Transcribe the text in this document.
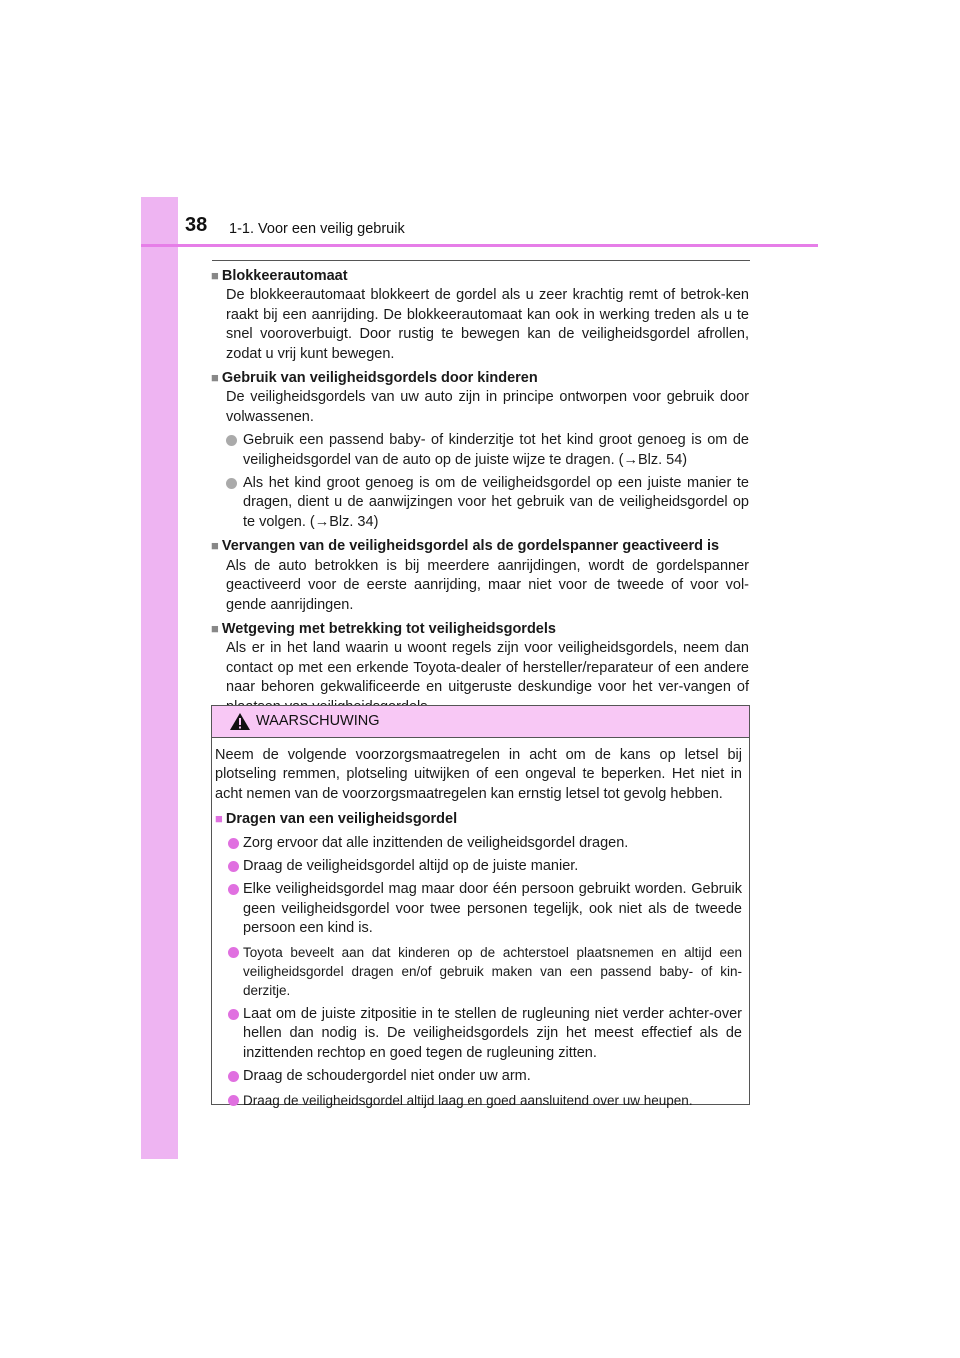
38 1-1. Voor een veilig gebruik
■ Blokkeerautomaat
De blokkeerautomaat blokkeert de gordel als u zeer krachtig remt of betrok-ken raakt bij een aanrijding. De blokkeerautomaat kan ook in werking treden als u te snel vooroverbuigt. Door rustig te bewegen kan de veiligheidsgordel afrollen, zodat u vrij kunt bewegen.
■ Gebruik van veiligheidsgordels door kinderen
De veiligheidsgordels van uw auto zijn in principe ontworpen voor gebruik door volwassenen.
Gebruik een passend baby- of kinderzitje tot het kind groot genoeg is om de veiligheidsgordel van de auto op de juiste wijze te dragen. (→Blz. 54)
Als het kind groot genoeg is om de veiligheidsgordel op een juiste manier te dragen, dient u de aanwijzingen voor het gebruik van de veiligheidsgordel op te volgen. (→Blz. 34)
■ Vervangen van de veiligheidsgordel als de gordelspanner geactiveerd is
Als de auto betrokken is bij meerdere aanrijdingen, wordt de gordelspanner geactiveerd voor de eerste aanrijding, maar niet voor de tweede of voor vol-gende aanrijdingen.
■ Wetgeving met betrekking tot veiligheidsgordels
Als er in het land waarin u woont regels zijn voor veiligheidsgordels, neem dan contact op met een erkende Toyota-dealer of hersteller/reparateur of een andere naar behoren gekwalificeerde en uitgeruste deskundige voor het ver-vangen of
WAARSCHUWING
Neem de volgende voorzorgsmaatregelen in acht om de kans op letsel bij plotseling remmen, plotseling uitwijken of een ongeval te beperken. Het niet in acht nemen van de voorzorgsmaatregelen kan ernstig letsel tot gevolg hebben.
■ Dragen van een veiligheidsgordel
Zorg ervoor dat alle inzittenden de veiligheidsgordel dragen.
Draag de veiligheidsgordel altijd op de juiste manier.
Elke veiligheidsgordel mag maar door één persoon gebruikt worden. Gebruik geen veiligheidsgordel voor twee personen tegelijk, ook niet als de tweede persoon een kind is.
Toyota beveelt aan dat kinderen op de achterstoel plaatsnemen en altijd een veiligheidsgordel dragen en/of gebruik maken van een passend baby- of kin-derzitje.
Laat om de juiste zitpositie in te stellen de rugleuning niet verder achter-over hellen dan nodig is. De veiligheidsgordels zijn het meest effectief als de inzittenden rechtop en goed tegen de rugleuning zitten.
Draag de schoudergordel niet onder uw arm.
Draag de veiligheidsgordel altijd laag en goed aansluitend over uw heupen.
